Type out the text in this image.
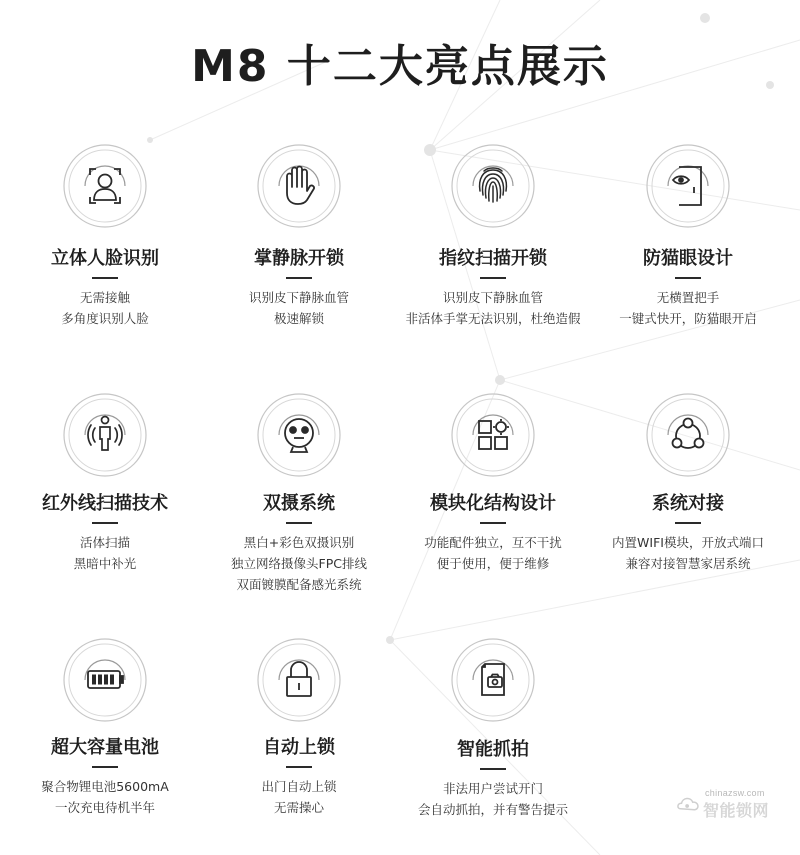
M8 十二大亮点展示
立体人脸识别
无需接触
多角度识别人脸
掌静脉开锁
识别皮下静脉血管
极速解锁
指纹扫描开锁
识别皮下静脉血管
非活体手掌无法识别，杜绝造假
防猫眼设计
无横置把手
一键式快开，防猫眼开启
红外线扫描技术
活体扫描
黑暗中补光
双摄系统
黑白+彩色双摄识别
独立网络摄像头FPC排线
双面镀膜配备感光系统
模块化结构设计
功能配件独立，互不干扰
便于使用，便于维修
系统对接
内置WIFI模块，开放式端口
兼容对接智慧家居系统
超大容量电池
聚合物锂电池5600mA
一次充电待机半年
自动上锁
出门自动上锁
无需操心
智能抓拍
非法用户尝试开门
会自动抓拍，并有警告提示
chinazsw.com
智能锁网
